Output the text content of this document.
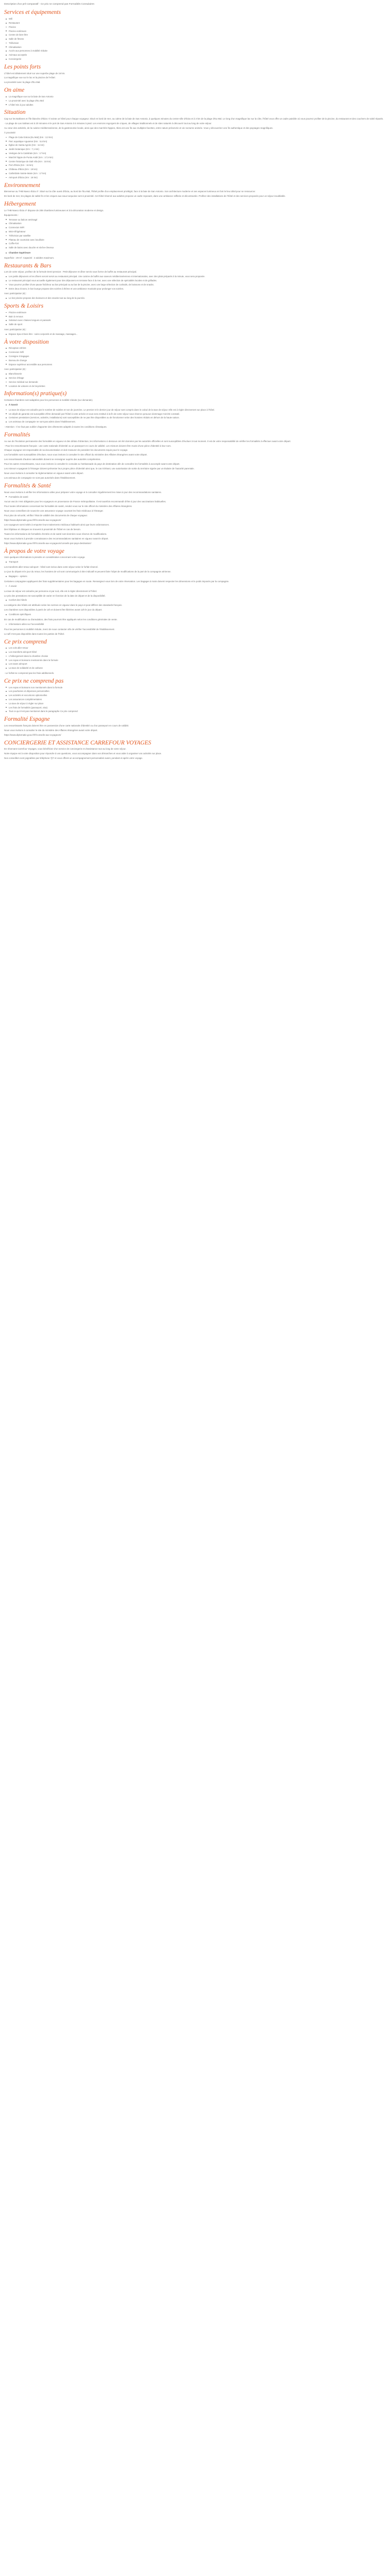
Description d'un pré-comparatif - Ce prix ne comprend pas Formalités Consulaires

Services et équipements
Wifi
Restaurant
Piscine
Piscine extérieure
Centre de bien-être
Salle de fitness
Télévision
Climatisation
Accès aux personnes à mobilité réduite
Animaux acceptés
Conciergerie
Les points forts

L'hôtel est idéalement situé sur une superbe plage de 16 km.

La magnifique vue sur le lac et la piscine de l'Hôtel.

La proximité avec la plage d'Eu Mal.

On aime
La magnifique vue sur la baie de San Antonio
La proximité avec la plage d'Eu Mal
L'hôtel mis à jour adultes
Situation

Cap sur les Baléares et l'île blanche d'Ibiza ! Il existe un hôtel pour chaque voyageur. Situé en bord de mer, au calme de la baie de San Antonio, à quelques minutes du centre-ville d'Ibiza et à 3 km de la plage d'Eu Mal. Le long d'un magnifique lac sur la côte, l'hôtel vous offre un cadre paisible où vous pourrez profiter de la piscine, du restaurant et des couchers de soleil réputés.

- La plage de Las Salinas est à 20 minutes et le port de San Antonio à 5 minutes à pied. Les environs regorgent de criques, de villages traditionnels et de sites naturels à découvrir tout au long de votre séjour.

Au cœur des activités, de la cuisine méditerranéenne, de la gastronomie locale, ainsi que des marchés hippies, Ibiza est une île aux multiples facettes, entre nature préservée et vie nocturne animée. Vous y découvrirez une île authentique et des paysages magnifiques.

À proximité

Plage de Cala Gràcia (Eu Mal) (Km : 3,0 km)
Parc aquatique Aguamar (Km : 5,6 km)
Église de Santa Agnès (Km : 11 km)
Jardin botanique (Km : 7,1 km)
Vestiges de la Catédrale (Km : 17 km)
Marché hippie de Punta Arabí (Km : 17,5 km)
Centre historique de Dalt Vila (Km : 15 km)
Port d'Ibiza (Km : 16 km)
Château d'Ibiza (Km : 19 km)
Cathédrale Sainte-Marie (Km : 17 km)
Aéroport d'Ibiza (Km : 18 km)
Environnement

Bienvenue au THB Naeco Ibiza 4*. Situé sur la côte ouest d'Ibiza, au bord de l'Eu Mal, l'hôtel profite d'un emplacement privilégié, face à la baie de San Antonio. Son architecture moderne et ses espaces lumineux en font le lieu idéal pour se ressourcer.

En bord de mer, les plages de sable fin et les criques aux eaux turquoise sont à proximité. Cet hôtel réservé aux adultes propose un cadre reposant, dans une ambiance raffinée et décontractée. Profitez des installations de l'hôtel et des services proposés pour un séjour inoubliable.

Hébergement

Le THB Naeco Ibiza 4* dispose de 208 chambres lumineuses et à la décoration moderne et design.

Équipements :

Terrasse ou balcon aménagé
Climatisation
Connexion WiFi
Mini-réfrigérateur
Télévision par satellite
Plateau de courtoisie avec bouilloire
Coffre-fort
Salle de bains avec douche et sèche-cheveux
Chambre Supérieure

Superficie : 29 m². Capacité : 2 adultes maximum.

Restaurants & Bars

Lors de votre séjour, profitez de la formule Demi-pension : Petit-déjeuner et dîner servis sous forme de buffet au restaurant principal.

Les petits déjeuners et les dîners seront servis au restaurant principal. Une cuisine de buffet aux saveurs méditerranéennes et internationales, avec des plats préparés à la minute, vous sera proposée.
Le restaurant principal vous accueille également pour des déjeuners en terrasse face à la mer, avec une sélection de spécialités locales et de grillades.
Vous pourrez profiter d'une pause fraîcheur au bar principal ou au bar de la piscine, avec une large sélection de cocktails, de boissons et de snacks.
Entre deux écrans, le bar lounge propose des soirées à thème et une ambiance musicale pour prolonger vos soirées.

Avec participation (€) :

Le bar piscine propose des boissons et des snacks tout au long de la journée.
Sports & Loisirs
Piscine extérieure
Bain à remous
Solarium avec chaises longues et parasols
Salle de sport

Avec participation (€) :

Espace Spa et bien-être : soins corporels et de massage, massages...
À votre disposition
Réception 24h/24
Connexion Wifi
Consigne à bagages
Bureau de change
Espace supérieur accessible aux personnes

Avec participation (€) :

Blanchisserie
Service d'étage
Service médical sur demande
Location de voitures et de bicyclettes
Information(s) pratique(s)

Certaines chambres sont adaptées pour les personnes à mobilité réduite (sur demande).

À Savoir
La taxe de séjour est calculée par le nombre de nuitées et non de journées. Le premier et le dernier jour de séjour sont compris dans le calcul de la taxe de séjour. Elle est à régler directement sur place à l'hôtel.
Un dépôt de garantie est susceptible d'être demandé par l'hôtel à votre arrivée et vous sera restitué à la fin de votre séjour sous réserve qu'aucun dommage n'ait été constaté.
Certaines prestations (services, activités, installations) sont susceptibles de ne pas être disponibles ou de fonctionner selon des horaires réduits en dehors de la haute saison.
Les animaux de compagnie ne sont pas admis dans l'établissement.

- Attention : Il ne faut pas oublier d'apporter des vêtements adaptés à toutes les conditions climatiques.

Formalités

Au vue de l'évolution permanente des formalités en vigueur et des délais d'obtention, les informations ci-dessous ont été données par les autorités officielles et sont susceptibles d'évoluer à tout moment. Il est de votre responsabilité de vérifier les formalités à effectuer avant votre départ.

- Pour les ressortissants français : une carte nationale d'identité ou un passeport en cours de validité. Les mineurs doivent être munis d'une pièce d'identité à leur nom.

Chaque voyageur est responsable de sa documentation et doit s'assurer de posséder les documents requis pour le voyage.

Les formalités sont susceptibles d'évoluer, nous vous invitons à consulter le site officiel du ministère des Affaires étrangères avant votre départ.

Les ressortissants d'autres nationalités doivent se renseigner auprès des autorités compétentes.

Pour les autres ressortissants, nous vous invitons à consulter le consulat ou l'ambassade du pays de destination afin de connaître les formalités à accomplir avant votre départ.

Les mineurs voyageant à l'étranger doivent présenter leur propre pièce d'identité ainsi que, le cas échéant, une autorisation de sortie du territoire signée par un titulaire de l'autorité parentale.

Nous vous invitons à consulter la réglementation en vigueur avant votre départ.

Les animaux de compagnie ne sont pas autorisés dans l'établissement.

Formalités & Santé

Nous vous invitons à vérifier les informations utiles pour préparer votre voyage et à consulter régulièrement les mises à jour des recommandations sanitaires.

Formalités de santé

Aucun vaccin n'est obligatoire pour les voyageurs en provenance de France métropolitaine. Il est toutefois recommandé d'être à jour des vaccinations habituelles.

Pour toutes informations concernant les formalités de santé, rendez-vous sur le site officiel du ministère des Affaires étrangères.

Nous vous conseillons de souscrire une assurance voyage couvrant les frais médicaux à l'étranger.

Pour plus de sécurité, vérifiez l'état de validité des documents de chaque voyageur.

https://www.diplomatie.gouv.fr/fr/conseils-aux-voyageurs/

Les voyageurs sont invités à emporter leurs traitements médicaux habituels ainsi que leurs ordonnances.

Des hôpitaux et cliniques se trouvent à proximité de l'hôtel en cas de besoin.

Toutes les informations de formalités d'entrée et de santé sont données sous réserve de modifications.

Nous vous invitons à prendre connaissance des recommandations sanitaires en vigueur avant le départ.

https://www.diplomatie.gouv.fr/fr/conseils-aux-voyageurs/conseils-par-pays-destination/

À propos de votre voyage

Voici quelques informations à prendre en considération concernant votre voyage.

Transport

Les transferts aller-retour aéroport - hôtel sont inclus dans votre séjour selon le forfait réservé.

Le jour du départ et le jour du retour, les horaires de vol sont communiqués à titre indicatif et peuvent faire l'objet de modifications de la part de la compagnie aérienne.

Bagages – options

Certaines compagnies appliquent des frais supplémentaires pour les bagages en soute. Renseignez-vous lors de votre réservation. Les bagages à main doivent respecter les dimensions et le poids imposés par la compagnie.

À savoir

La taxe de séjour est calculée par personne et par nuit, elle est à régler directement à l'hôtel.

Le prix des prestations est susceptible de varier en fonction de la date de départ et de la disponibilité.

Confort des hôtels

La catégorie des hôtels est attribuée selon les normes en vigueur dans le pays et peut différer des standards français.

Les chambres sont disponibles à partir de 14h et doivent être libérées avant 12h le jour du départ.

Conditions spécifiques

En cas de modification ou d'annulation, des frais pourront être appliqués selon les conditions générales de vente.

Informations utiles sur l'accessibilité

Pour les personnes à mobilité réduite, merci de nous contacter afin de vérifier l'accessibilité de l'établissement.

Le wifi n'est pas disponible dans toutes les parties de l'hôtel.

Ce prix comprend
Les vols aller-retour
Les transferts aéroport-hôtel
L'hébergement dans la chambre choisie
Les repas et boissons mentionnés dans la formule
Les taxes aéroport
La taxe de solidarité et de carbone

- Le forfait ne comprend pas les frais additionnels.

Ce prix ne comprend pas
Les repas et boissons non mentionnés dans la formule
Les pourboires et dépenses personnelles
Les activités et excursions optionnelles
Les assurances complémentaires
La taxe de séjour à régler sur place
Les frais de formalités (passeport, visa)
Tout ce qui n'est pas mentionné dans le paragraphe Ce prix comprend
Formalité Espagne

Les ressortissants français doivent être en possession d'une carte nationale d'identité ou d'un passeport en cours de validité.

Nous vous invitons à consulter le site du ministère des Affaires étrangères avant votre départ.

https://www.diplomatie.gouv.fr/fr/conseils-aux-voyageurs/

CONCIERGERIE ET ASSISTANCE CARREFOUR VOYAGES

En réservant Carrefour Voyages, vous bénéficiez d'un service de conciergerie et d'assistance tout au long de votre séjour.

Notre équipe est à votre disposition pour répondre à vos questions, vous accompagner dans vos démarches et vous aider à organiser vos activités sur place.

Nos conseillers sont joignables par téléphone 7j/7 et vous offrent un accompagnement personnalisé avant, pendant et après votre voyage.
